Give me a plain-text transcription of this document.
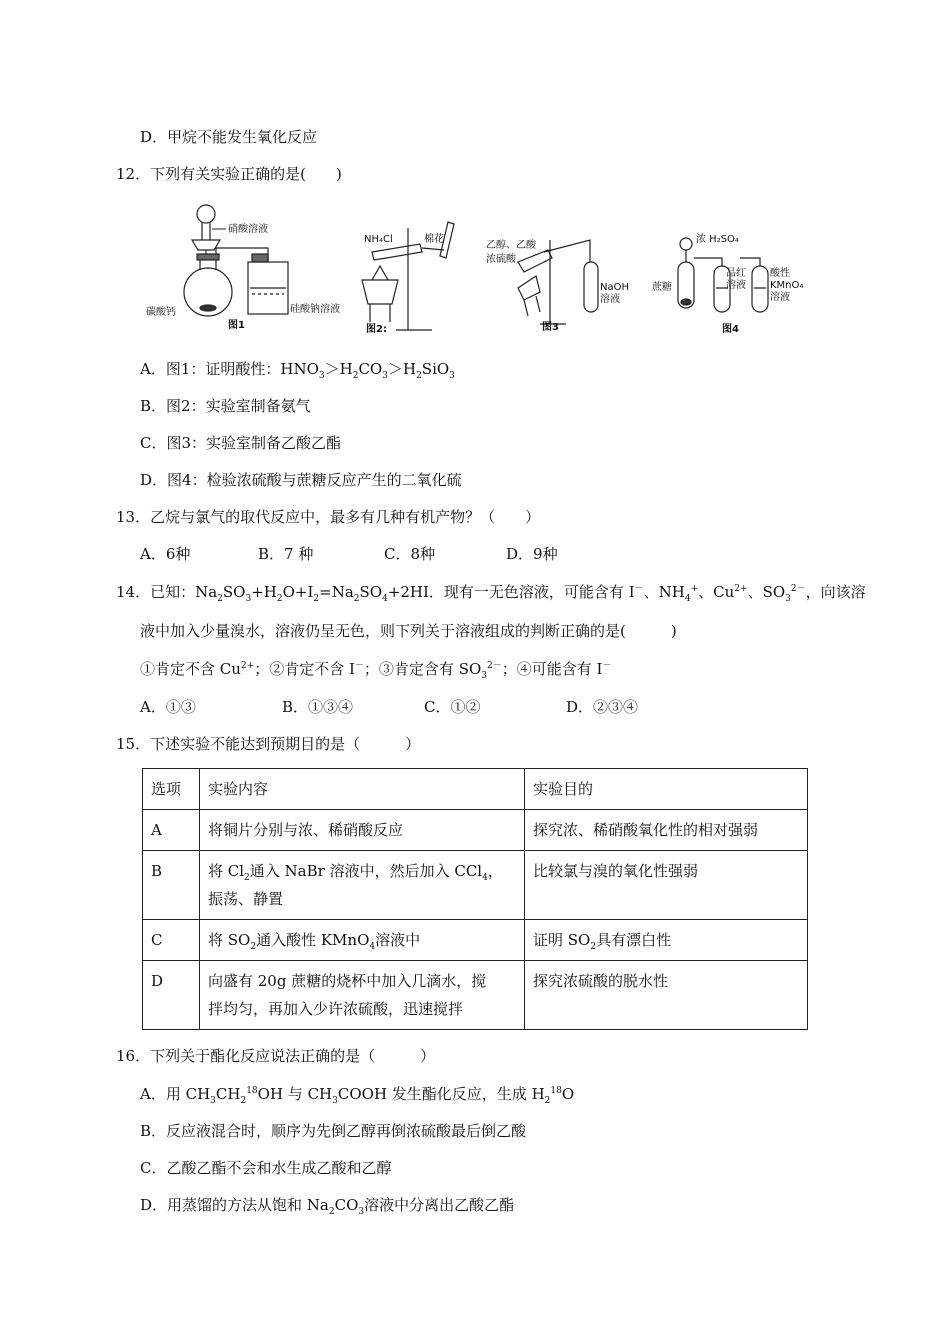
D．甲烷不能发生氧化反应
12．下列有关实验正确的是(　　)
硝酸溶液
碳酸钙	硅酸钠溶液
图1
NH₄Cl	棉花
图2:
乙醇、乙酸
浓硫酸
NaOH
溶液
图3
浓 H₂SO₄
蔗糖
品红
溶液
酸性
KMnO₄
溶液
图4
A．图1：证明酸性：$HNO_3>H_2CO_3>H_2SiO_3$
B．图2：实验室制备氨气
C．图3：实验室制备乙酸乙酯
D．图4：检验浓硫酸与蔗糖反应产生的二氧化硫
13．乙烷与氯气的取代反应中，最多有几种有机产物？（　　）
A．6种	B．7 种	C．8种	D．9种
14．已知：$Na_2SO_3+H_2O+I_2=Na_2SO_4+2HI$．现有一无色溶液，可能含有 I－、$NH_4^+$、$Cu^{2+}$、$SO_3^{2-}$，向该溶
液中加入少量溴水，溶液仍呈无色，则下列关于溶液组成的判断正确的是(　　　)
①肯定不含 $Cu^{2+}$；②肯定不含 I－；③肯定含有 $SO_3^{2-}$；④可能含有 I－
A．①③	B．①③④	C．①②	D．②③④
15．下述实验不能达到预期目的是（　　　）
选项	实验内容	实验目的
A	将铜片分别与浓、稀硝酸反应	探究浓、稀硝酸氧化性的相对强弱
B	将 $Cl_2$通入 NaBr 溶液中，然后加入 CCl$_4$，
振荡、静置	比较氯与溴的氧化性强弱
C	将 $SO_2$通入酸性 KMnO$_4$溶液中	证明 $SO_2$具有漂白性
D	向盛有 20g 蔗糖的烧杯中加入几滴水，搅
拌均匀，再加入少许浓硫酸，迅速搅拌	探究浓硫酸的脱水性
16．下列关于酯化反应说法正确的是（　　　）
A．用 $CH_3CH_2^{18}OH$ 与 $CH_3COOH$ 发生酯化反应，生成 $H_2^{18}O$
B．反应液混合时，顺序为先倒乙醇再倒浓硫酸最后倒乙酸
C．乙酸乙酯不会和水生成乙酸和乙醇
D．用蒸馏的方法从饱和 $Na_2CO_3$溶液中分离出乙酸乙酯
